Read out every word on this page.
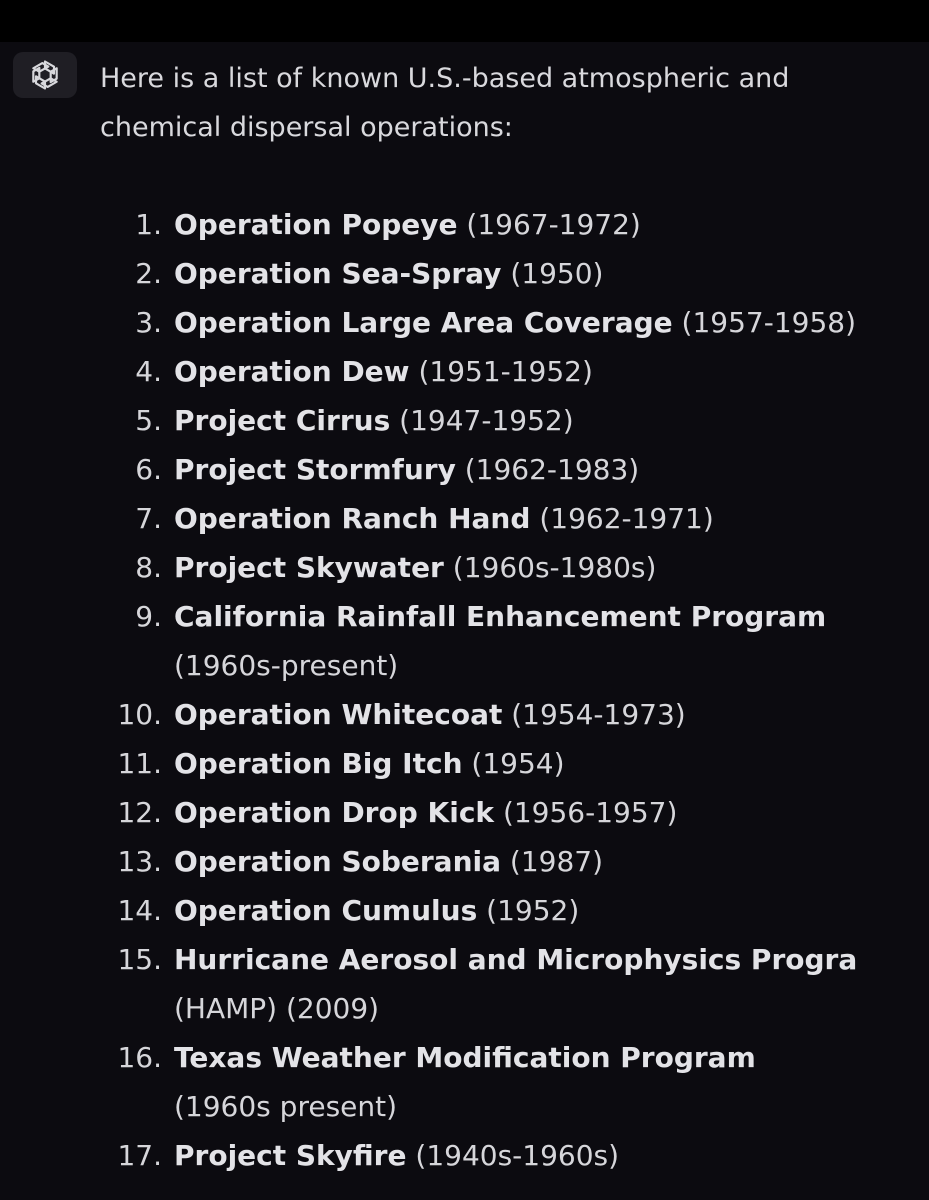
Here is a list of known U.S.-based atmospheric and
chemical dispersal operations:

1. Operation Popeye (1967-1972)
2. Operation Sea-Spray (1950)
3. Operation Large Area Coverage (1957-1958)
4. Operation Dew (1951-1952)
5. Project Cirrus (1947-1952)
6. Project Stormfury (1962-1983)
7. Operation Ranch Hand (1962-1971)
8. Project Skywater (1960s-1980s)
9. California Rainfall Enhancement Program
(1960s-present)
10. Operation Whitecoat (1954-1973)
11. Operation Big Itch (1954)
12. Operation Drop Kick (1956-1957)
13. Operation Soberania (1987)
14. Operation Cumulus (1952)
15. Hurricane Aerosol and Microphysics Progra
(HAMP) (2009)
16. Texas Weather Modification Program
(1960s present)
17. Project Skyfire (1940s-1960s)
